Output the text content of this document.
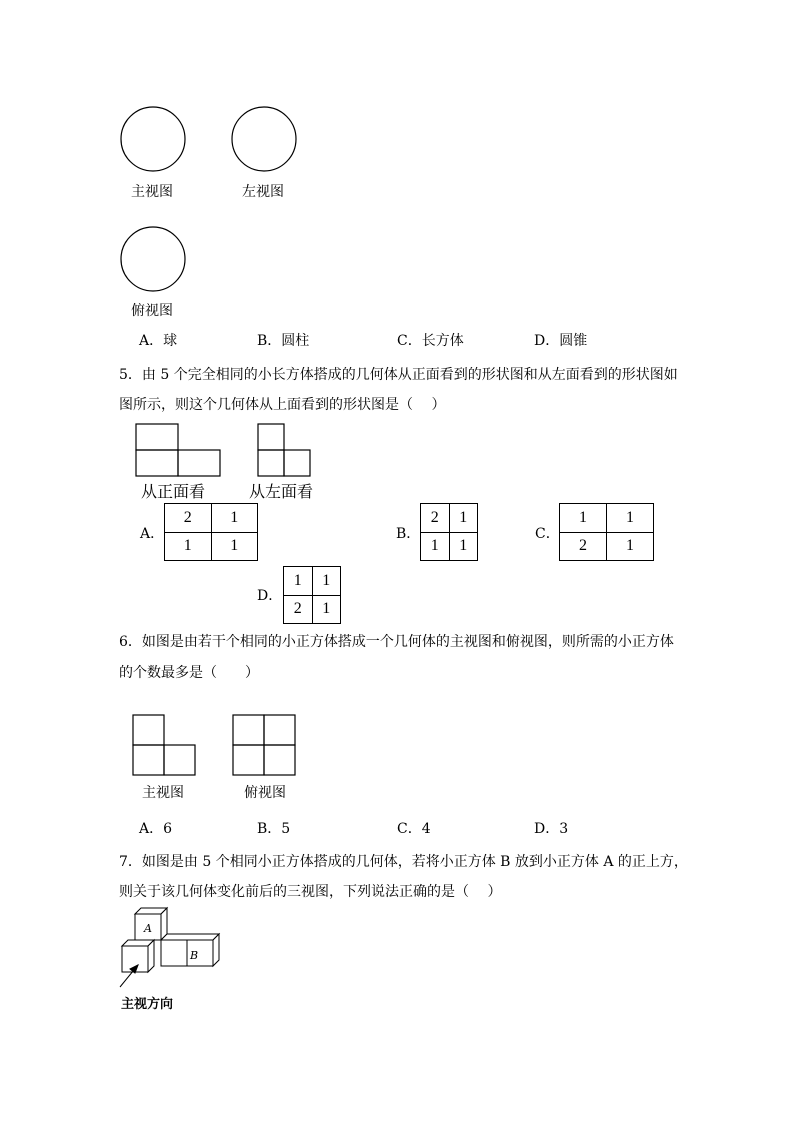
主视图	左视图
俯视图
A．球	B．圆柱	C．长方体	D．圆锥
5．由 5 个完全相同的小长方体搭成的几何体从正面看到的形状图和从左面看到的形状图如
图所示，则这个几何体从上面看到的形状图是（　 ）
从正面看	从左面看
A．
2	1
1	1
B．
2	1
1	1
C．
1	1
2	1
D．
1	1
2	1
6．如图是由若干个相同的小正方体搭成一个几何体的主视图和俯视图，则所需的小正方体
的个数最多是（　　）
主视图	俯视图
A．6	B．5	C．4	D．3
7．如图是由 5 个相同小正方体搭成的几何体，若将小正方体 B 放到小正方体 A 的正上方，
则关于该几何体变化前后的三视图，下列说法正确的是（　 ）
A
B
主视方向
